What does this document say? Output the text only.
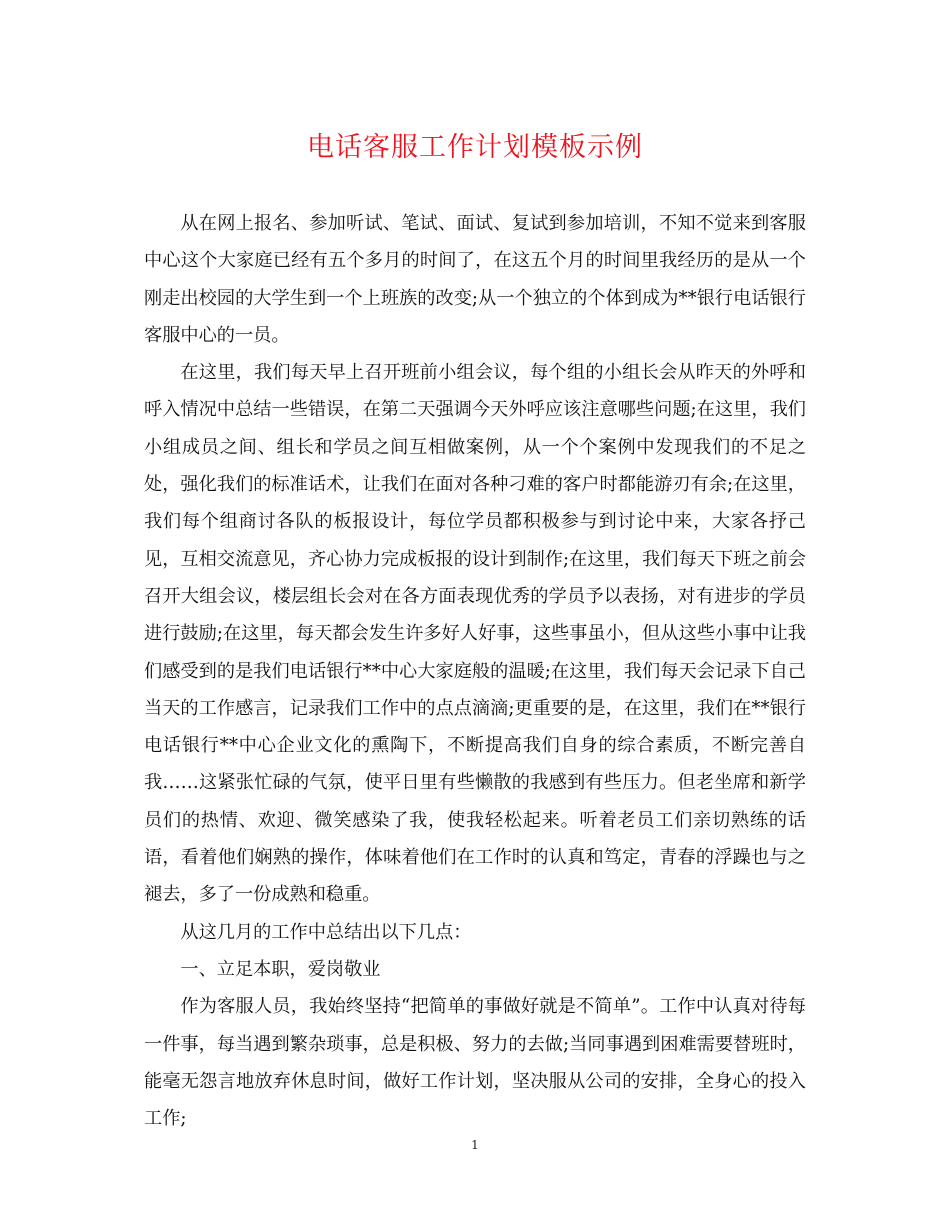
电话客服工作计划模板示例

从在网上报名、参加听试、笔试、面试、复试到参加培训，不知不觉来到客服中心这个大家庭已经有五个多月的时间了，在这五个月的时间里我经历的是从一个刚走出校园的大学生到一个上班族的改变;从一个独立的个体到成为**银行电话银行客服中心的一员。

在这里，我们每天早上召开班前小组会议，每个组的小组长会从昨天的外呼和呼入情况中总结一些错误，在第二天强调今天外呼应该注意哪些问题;在这里，我们小组成员之间、组长和学员之间互相做案例，从一个个案例中发现我们的不足之处，强化我们的标准话术，让我们在面对各种刁难的客户时都能游刃有余;在这里，我们每个组商讨各队的板报设计，每位学员都积极参与到讨论中来，大家各抒己见，互相交流意见，齐心协力完成板报的设计到制作;在这里，我们每天下班之前会召开大组会议，楼层组长会对在各方面表现优秀的学员予以表扬，对有进步的学员进行鼓励;在这里，每天都会发生许多好人好事，这些事虽小，但从这些小事中让我们感受到的是我们电话银行**中心大家庭般的温暖;在这里，我们每天会记录下自己当天的工作感言，记录我们工作中的点点滴滴;更重要的是，在这里，我们在**银行电话银行**中心企业文化的熏陶下，不断提高我们自身的综合素质，不断完善自我……这紧张忙碌的气氛，使平日里有些懒散的我感到有些压力。但老坐席和新学员们的热情、欢迎、微笑感染了我，使我轻松起来。听着老员工们亲切熟练的话语，看着他们娴熟的操作，体味着他们在工作时的认真和笃定，青春的浮躁也与之褪去，多了一份成熟和稳重。

从这几月的工作中总结出以下几点：

一、立足本职，爱岗敬业

作为客服人员，我始终坚持“把简单的事做好就是不简单”。工作中认真对待每一件事，每当遇到繁杂琐事，总是积极、努力的去做;当同事遇到困难需要替班时，能毫无怨言地放弃休息时间，做好工作计划，坚决服从公司的安排，全身心的投入工作;

1
